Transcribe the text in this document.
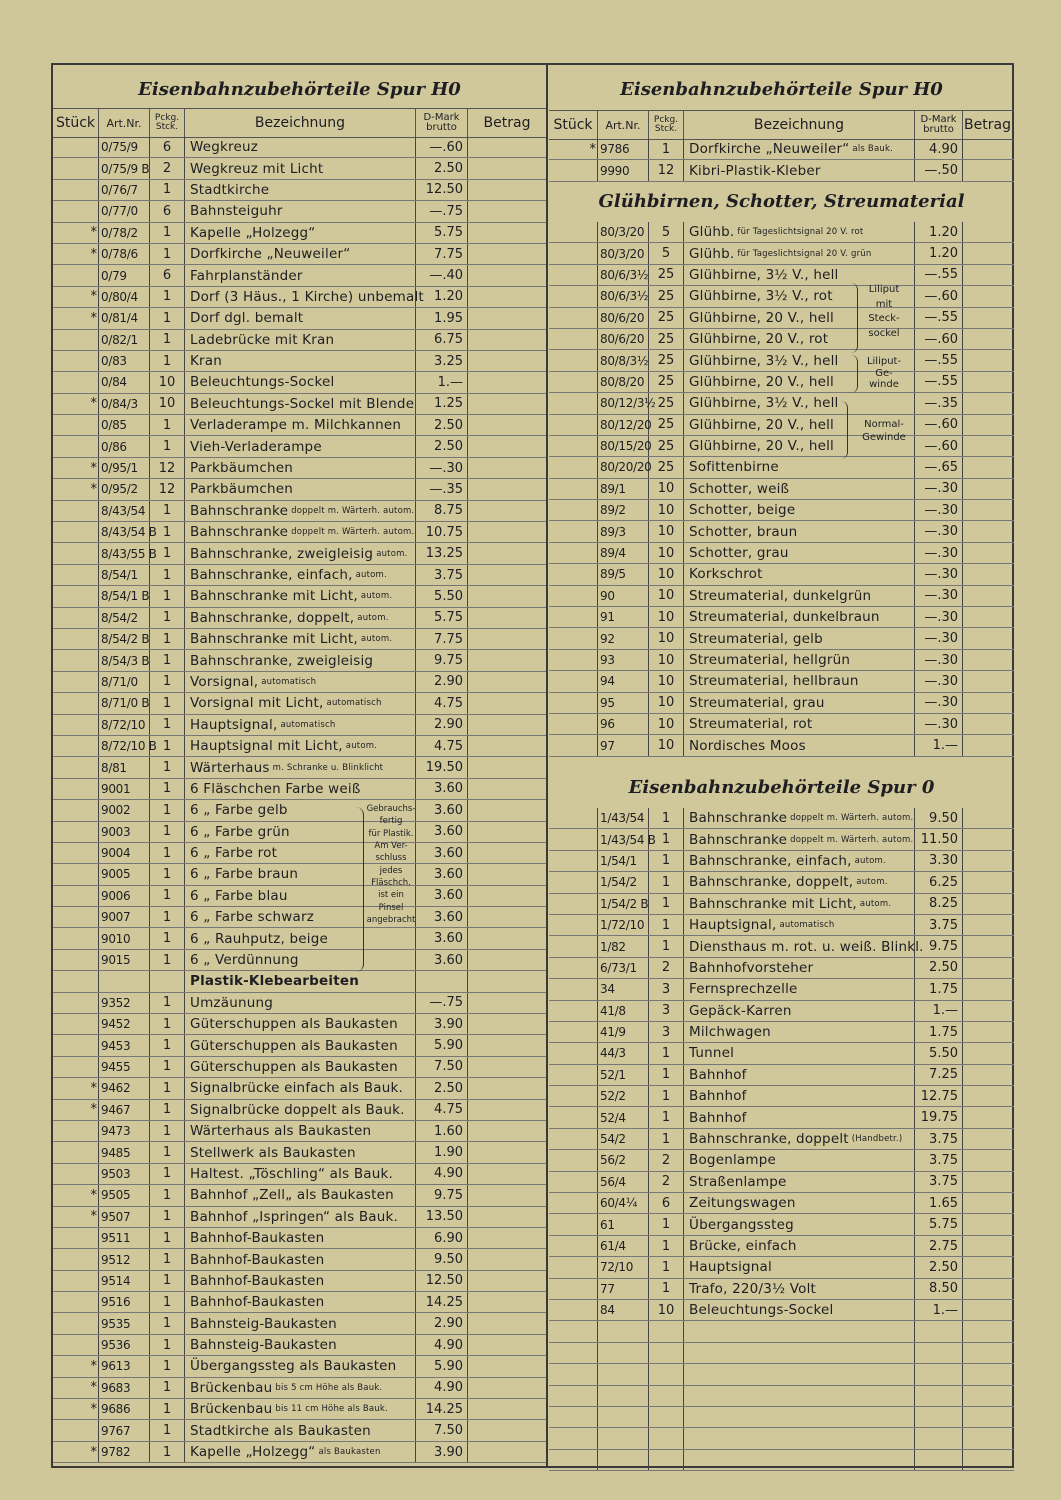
Eisenbahnzubehörteile Spur H0
Stück Art.Nr. Pckg.
Stck.	Bezeichnung	D-Mark
brutto Betrag
0/75/9	6	Wegkreuz	—.60
0/75/9 B	2	Wegkreuz mit Licht	2.50
0/76/7	1	Stadtkirche	12.50
0/77/0	6	Bahnsteiguhr	—.75
* 0/78/2	1	Kapelle „Holzegg“	5.75
* 0/78/6	1	Dorfkirche „Neuweiler“	7.75
0/79	6	Fahrplanständer	—.40
* 0/80/4	1	Dorf (3 Häus., 1 Kirche) unbemalt 1.20
* 0/81/4	1	Dorf dgl. bemalt	1.95
0/82/1	1	Ladebrücke mit Kran	6.75
0/83	1	Kran	3.25
0/84	10	Beleuchtungs-Sockel	1.—
* 0/84/3	10	Beleuchtungs-Sockel mit Blende	1.25
0/85	1	Verladerampe m. Milchkannen	2.50
0/86	1	Vieh-Verladerampe	2.50
* 0/95/1	12	Parkbäumchen	—.30
* 0/95/2	12	Parkbäumchen	—.35
8/43/54	1	Bahnschranke doppelt m. Wärterh. autom.	8.75
8/43/54 B 1	Bahnschranke doppelt m. Wärterh. autom. 10.75
8/43/55 B 1	Bahnschranke, zweigleisig autom.	13.25
8/54/1	1	Bahnschranke, einfach, autom.	3.75
8/54/1 B	1	Bahnschranke mit Licht, autom.	5.50
8/54/2	1	Bahnschranke, doppelt, autom.	5.75
8/54/2 B	1	Bahnschranke mit Licht, autom.	7.75
8/54/3 B	1	Bahnschranke, zweigleisig	9.75
8/71/0	1	Vorsignal, automatisch	2.90
8/71/0 B	1	Vorsignal mit Licht, automatisch	4.75
8/72/10	1	Hauptsignal, automatisch	2.90
8/72/10 B 1	Hauptsignal mit Licht, autom.	4.75
8/81	1	Wärterhaus m. Schranke u. Blinklicht	19.50
9001	1	6 Fläschchen Farbe weiß	3.60
9002	1	6 „ Farbe gelb	3.60
9003	1	6 „ Farbe grün	3.60
9004	1	6 „ Farbe rot	3.60
9005	1	6 „ Farbe braun	3.60
9006	1	6 „ Farbe blau	3.60
9007	1	6 „ Farbe schwarz	3.60
9010	1	6 „ Rauhputz, beige	3.60
9015	1	6 „ Verdünnung	3.60
Plastik-Klebearbeiten
9352	1	Umzäunung	—.75
9452	1	Güterschuppen als Baukasten	3.90
9453	1	Güterschuppen als Baukasten	5.90
9455	1	Güterschuppen als Baukasten	7.50
* 9462	1	Signalbrücke einfach als Bauk.	2.50
* 9467	1	Signalbrücke doppelt als Bauk.	4.75
9473	1	Wärterhaus als Baukasten	1.60
9485	1	Stellwerk als Baukasten	1.90
9503	1	Haltest. „Töschling“ als Bauk.	4.90
* 9505	1	Bahnhof „Zell„ als Baukasten	9.75
* 9507	1	Bahnhof „Ispringen“ als Bauk.	13.50
9511	1	Bahnhof-Baukasten	6.90
9512	1	Bahnhof-Baukasten	9.50
9514	1	Bahnhof-Baukasten	12.50
9516	1	Bahnhof-Baukasten	14.25
9535	1	Bahnsteig-Baukasten	2.90
9536	1	Bahnsteig-Baukasten	4.90
* 9613	1	Übergangssteg als Baukasten	5.90
* 9683	1	Brückenbau bis 5 cm Höhe als Bauk.	4.90
* 9686	1	Brückenbau bis 11 cm Höhe als Bauk.	14.25
9767	1	Stadtkirche als Baukasten	7.50
* 9782	1	Kapelle „Holzegg“ als Baukasten	3.90
Gebrauchs-
fertig
für Plastik.
Am Ver-
schluss
jedes
Fläschch.
ist ein
Pinsel
angebracht
Eisenbahnzubehörteile Spur H0
Stück Art.Nr. Pckg.
Stck.	Bezeichnung	D-Mark
brutto Betrag
* 9786	1	Dorfkirche „Neuweiler“ als Bauk.	4.90
9990	12	Kibri-Plastik-Kleber	—.50
Glühbirnen, Schotter, Streumaterial
80/3/20	5	Glühb. für Tageslichtsignal 20 V. rot	1.20
80/3/20	5	Glühb. für Tageslichtsignal 20 V. grün	1.20
80/6/3½ 25	Glühbirne, 3½ V., hell	—.55
80/6/3½ 25	Glühbirne, 3½ V., rot	—.60
80/6/20	25	Glühbirne, 20 V., hell	—.55
80/6/20	25	Glühbirne, 20 V., rot	—.60
80/8/3½ 25	Glühbirne, 3½ V., hell	—.55
80/8/20	25	Glühbirne, 20 V., hell	—.55
80/12/3½ 25	Glühbirne, 3½ V., hell	—.35
80/12/20 25	Glühbirne, 20 V., hell	—.60
80/15/20 25	Glühbirne, 20 V., hell	—.60
80/20/20 25	Sofittenbirne	—.65
89/1	10	Schotter, weiß	—.30
89/2	10	Schotter, beige	—.30
89/3	10	Schotter, braun	—.30
89/4	10	Schotter, grau	—.30
89/5	10	Korkschrot	—.30
90	10	Streumaterial, dunkelgrün	—.30
91	10	Streumaterial, dunkelbraun	—.30
92	10	Streumaterial, gelb	—.30
93	10	Streumaterial, hellgrün	—.30
94	10	Streumaterial, hellbraun	—.30
95	10	Streumaterial, grau	—.30
96	10	Streumaterial, rot	—.30
97	10	Nordisches Moos	1.—
Liliput
mit
Steck-
sockel
Liliput-
Ge-
winde
Normal-
Gewinde
Eisenbahnzubehörteile Spur 0
1/43/54	1	Bahnschranke doppelt m. Wärterh. autom.	9.50
1/43/54 B 1	Bahnschranke doppelt m. Wärterh. autom. 11.50
1/54/1	1	Bahnschranke, einfach, autom.	3.30
1/54/2	1	Bahnschranke, doppelt, autom.	6.25
1/54/2 B	1	Bahnschranke mit Licht, autom.	8.25
1/72/10	1	Hauptsignal, automatisch	3.75
1/82	1	Diensthaus m. rot. u. weiß. Blinkl. 9.75
6/73/1	2	Bahnhofvorsteher	2.50
34	3	Fernsprechzelle	1.75
41/8	3	Gepäck-Karren	1.—
41/9	3	Milchwagen	1.75
44/3	1	Tunnel	5.50
52/1	1	Bahnhof	7.25
52/2	1	Bahnhof	12.75
52/4	1	Bahnhof	19.75
54/2	1	Bahnschranke, doppelt (Handbetr.)	3.75
56/2	2	Bogenlampe	3.75
56/4	2	Straßenlampe	3.75
60/4¼	6	Zeitungswagen	1.65
61	1	Übergangssteg	5.75
61/4	1	Brücke, einfach	2.75
72/10	1	Hauptsignal	2.50
77	1	Trafo, 220/3½ Volt	8.50
84	10	Beleuchtungs-Sockel	1.—
